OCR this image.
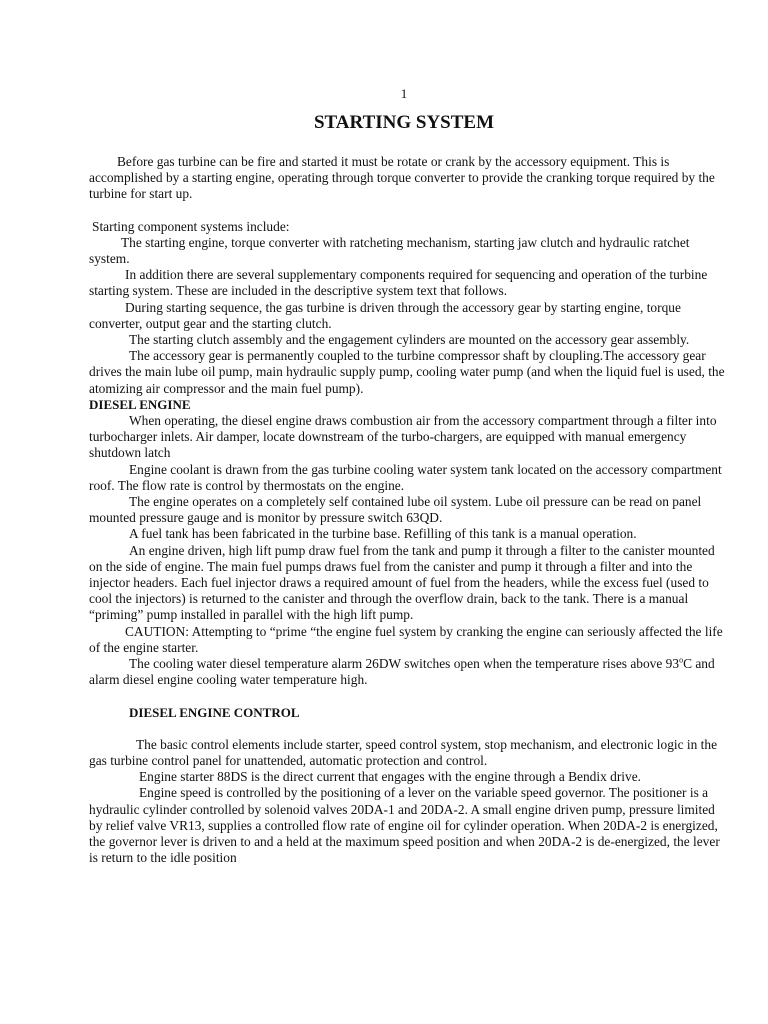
1
STARTING SYSTEM

Before gas turbine can be fire and started it must be rotate or crank by the accessory equipment. This is accomplished by a starting engine, operating through torque converter to provide the cranking torque required by the turbine for start up.

Starting component systems include:

The starting engine, torque converter with ratcheting mechanism, starting jaw clutch and hydraulic ratchet system.

In addition there are several supplementary components required for sequencing and operation of the turbine starting system. These are included in the descriptive system text that follows.

During starting sequence, the gas turbine is driven through the accessory gear by starting engine, torque converter, output gear and the starting clutch.

The starting clutch assembly and the engagement cylinders are mounted on the accessory gear assembly.

The accessory gear is permanently coupled to the turbine compressor shaft by cloupling.The accessory gear drives the main lube oil pump, main hydraulic supply pump, cooling water pump (and when the liquid fuel is used, the atomizing air compressor and the main fuel pump).

DIESEL ENGINE

When operating, the diesel engine draws combustion air from the accessory compartment through a filter into turbocharger inlets. Air damper, locate downstream of the turbo-chargers, are equipped with manual emergency shutdown latch

Engine coolant is drawn from the gas turbine cooling water system tank located on the accessory compartment roof. The flow rate is control by thermostats on the engine.

The engine operates on a completely self contained lube oil system. Lube oil pressure can be read on panel mounted pressure gauge and is monitor by pressure switch 63QD.

A fuel tank has been fabricated in the turbine base. Refilling of this tank is a manual operation.

An engine driven, high lift pump draw fuel from the tank and pump it through a filter to the canister mounted on the side of engine. The main fuel pumps draws fuel from the canister and pump it through a filter and into the injector headers. Each fuel injector draws a required amount of fuel from the headers, while the excess fuel (used to cool the injectors) is returned to the canister and through the overflow drain, back to the tank. There is a manual “priming” pump installed in parallel with the high lift pump.

CAUTION: Attempting to “prime “the engine fuel system by cranking the engine can seriously affected the life of the engine starter.

The cooling water diesel temperature alarm 26DW switches open when the temperature rises above 93$^o$C and alarm diesel engine cooling water temperature high.

DIESEL ENGINE CONTROL

The basic control elements include starter, speed control system, stop mechanism, and electronic logic in the gas turbine control panel for unattended, automatic protection and control.

Engine starter 88DS is the direct current that engages with the engine through a Bendix drive.

Engine speed is controlled by the positioning of a lever on the variable speed governor. The positioner is a hydraulic cylinder controlled by solenoid valves 20DA-1 and 20DA-2. A small engine driven pump, pressure limited by relief valve VR13, supplies a controlled flow rate of engine oil for cylinder operation. When 20DA-2 is energized, the governor lever is driven to and a held at the maximum speed position and when 20DA-2 is de-energized, the lever is return to the idle position
